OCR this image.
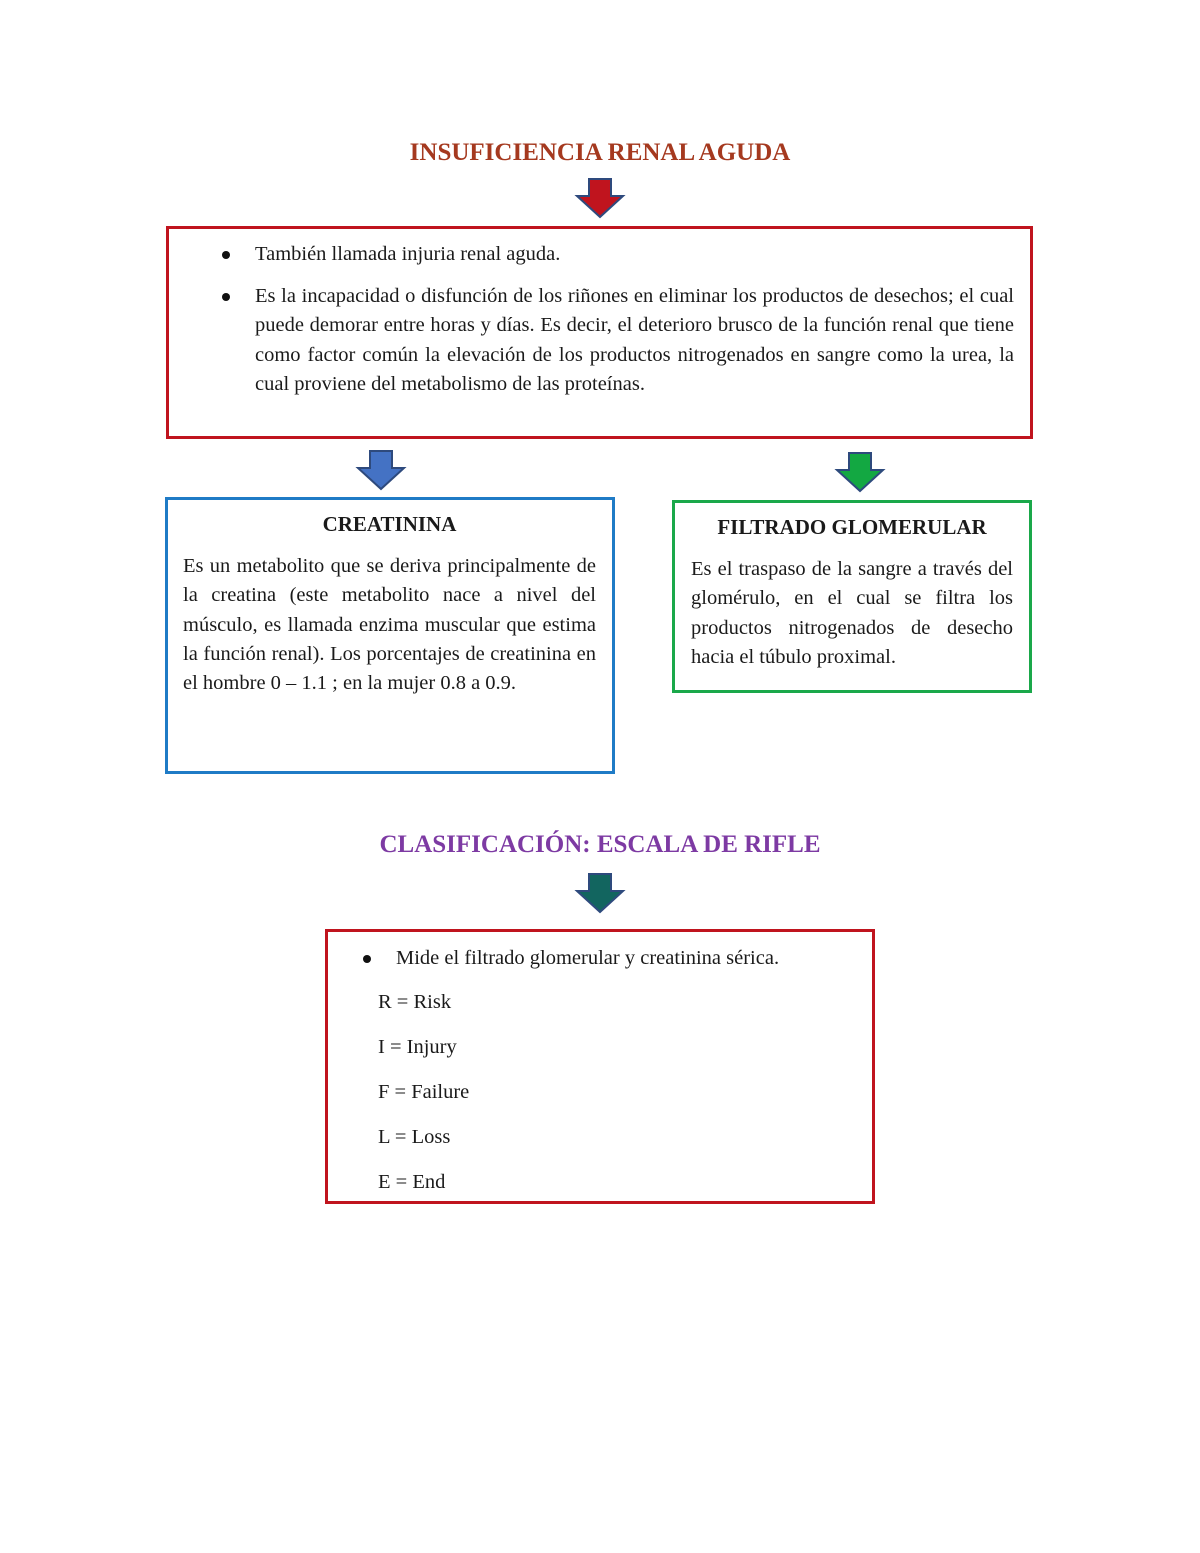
INSUFICIENCIA RENAL AGUDA
También llamada injuria renal aguda.
Es la incapacidad o disfunción de los riñones en eliminar los productos de desechos; el cual puede demorar entre horas y días. Es decir, el deterioro brusco de la función renal que tiene como factor común la elevación de los productos nitrogenados en sangre como la urea, la cual proviene del metabolismo de las proteínas.
CREATININA

Es un metabolito que se deriva principalmente de la creatina (este metabolito nace a nivel del músculo, es llamada enzima muscular que estima la función renal). Los porcentajes de creatinina en el hombre 0 – 1.1 ; en la mujer 0.8 a 0.9.

FILTRADO GLOMERULAR

Es el traspaso de la sangre a través del glomérulo, en el cual se filtra los productos nitrogenados de desecho hacia el túbulo proximal.

CLASIFICACIÓN: ESCALA DE RIFLE
Mide el filtrado glomerular y creatinina sérica.
R = Risk
I = Injury
F = Failure
L = Loss
E = End
